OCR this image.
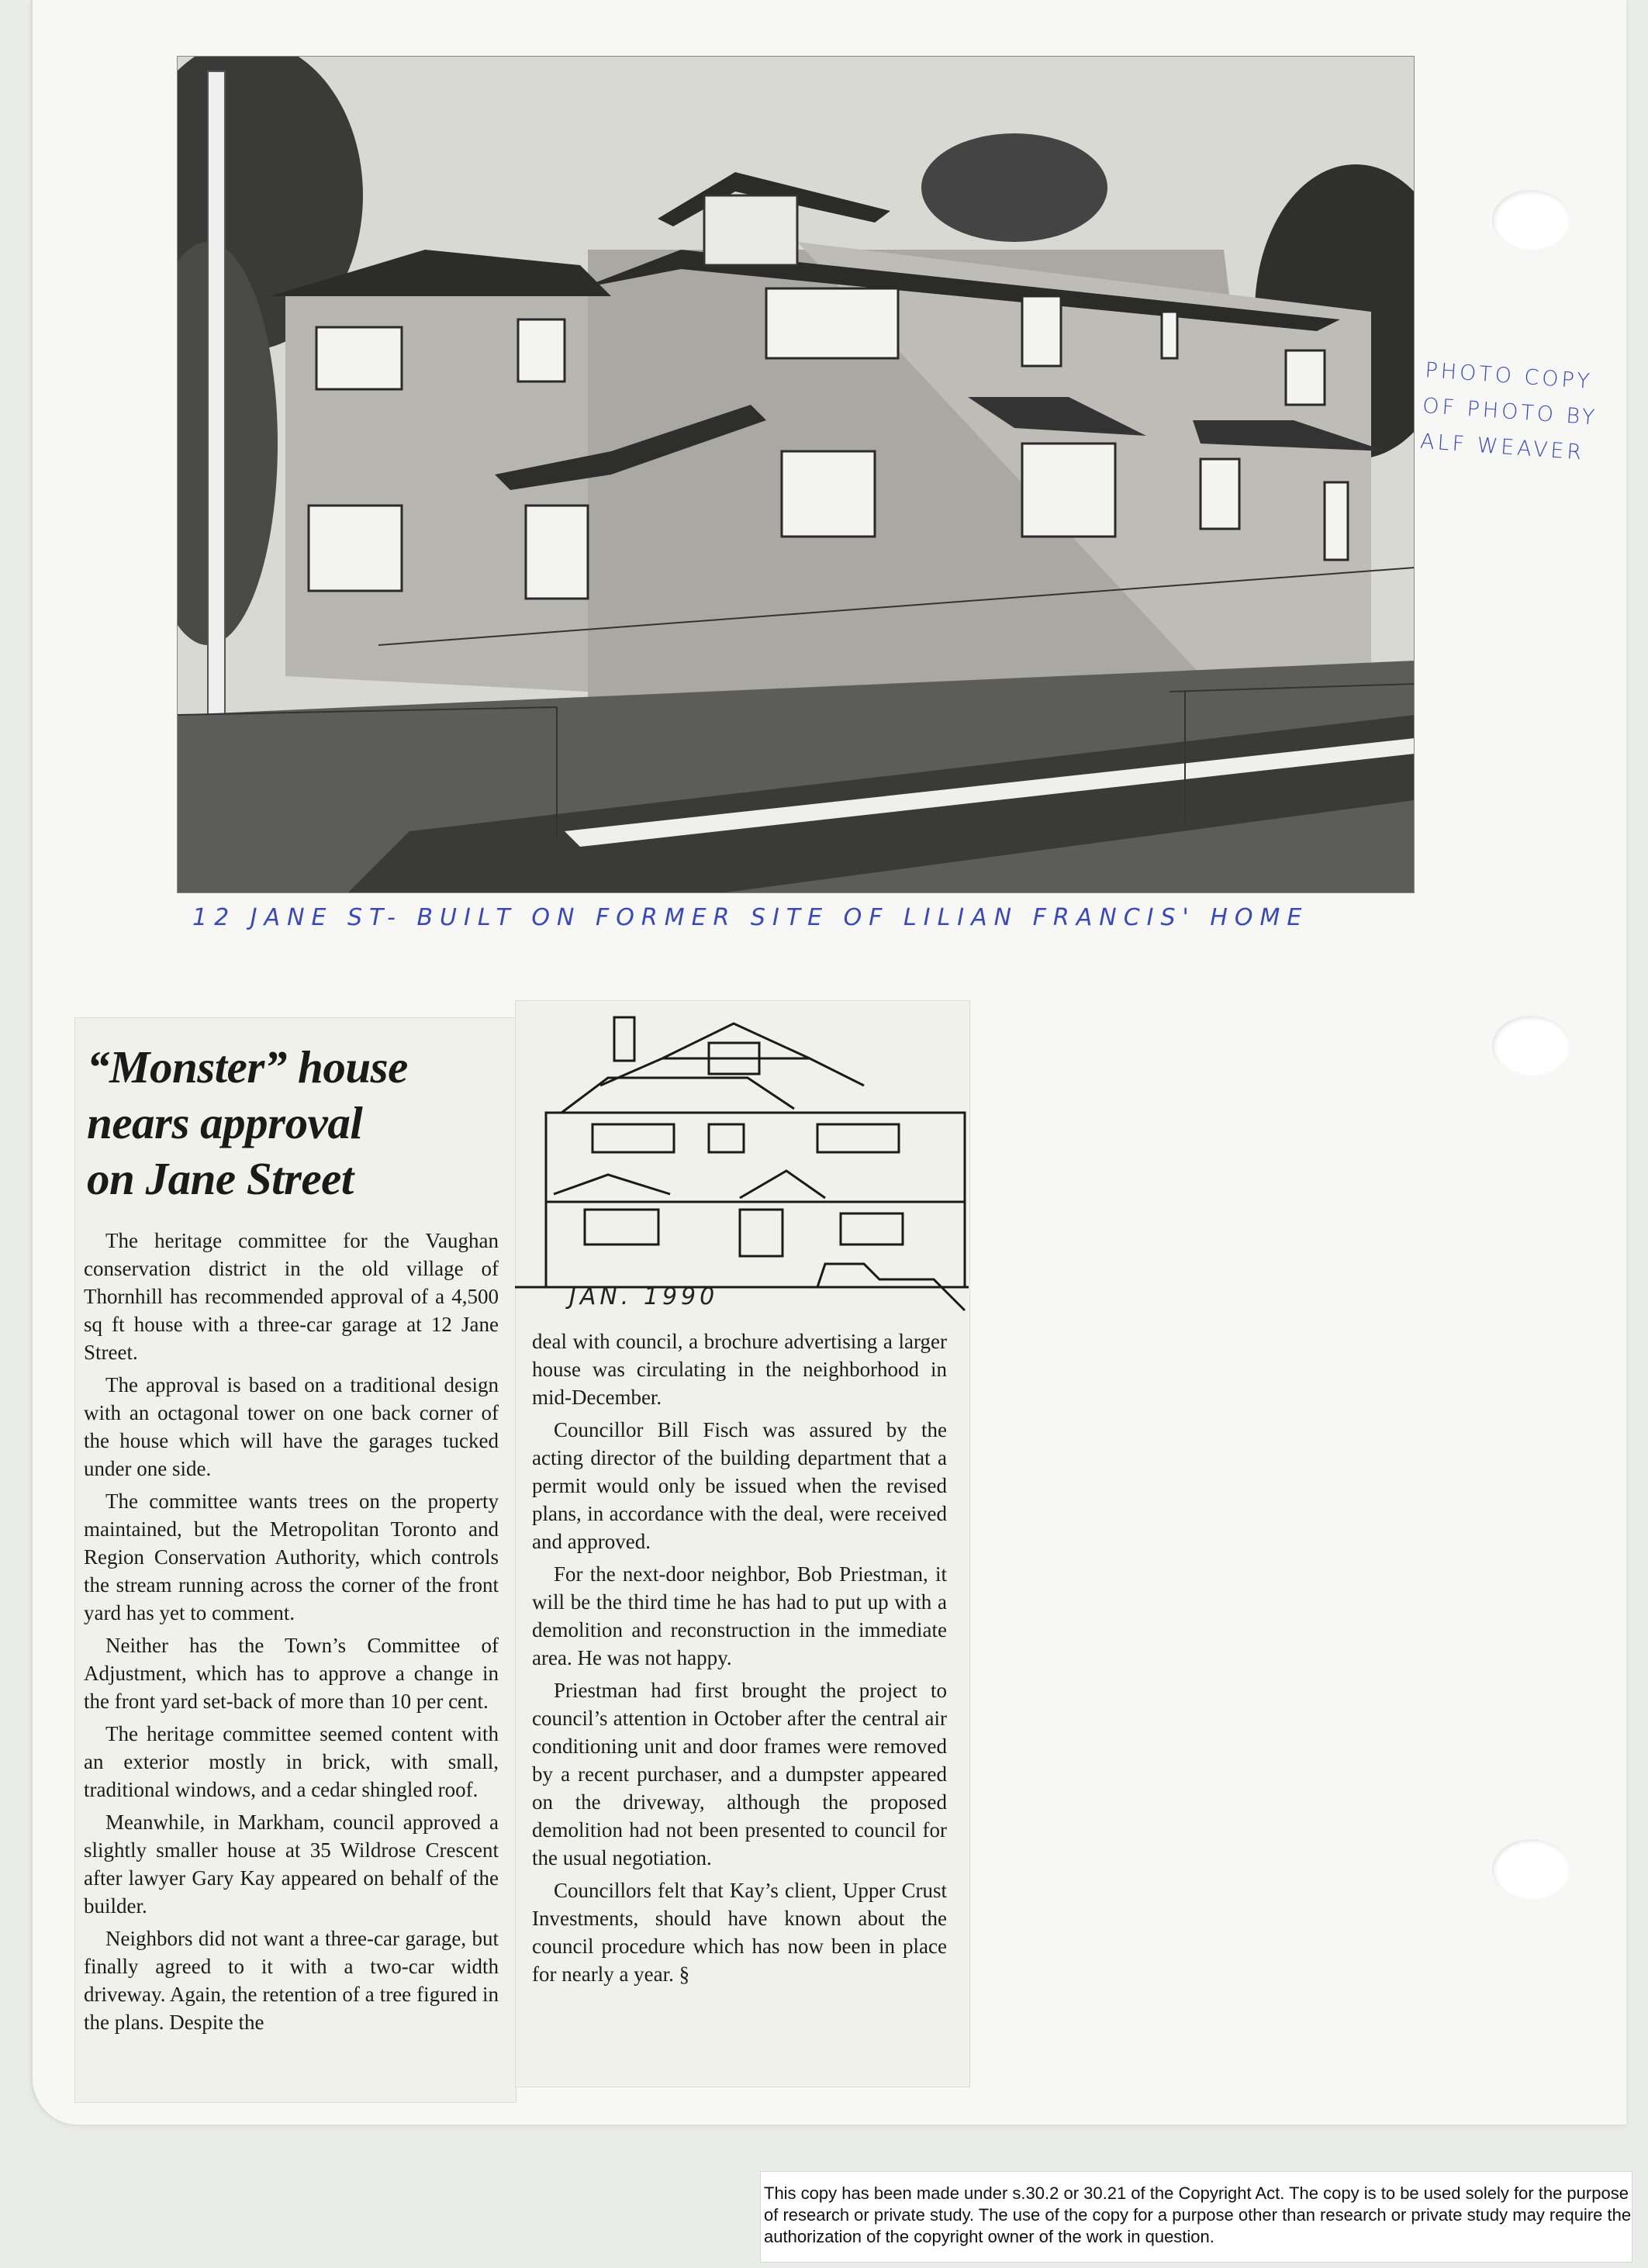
PHOTO COPY
OF PHOTO BY
ALF WEAVER
12 JANE ST- BUILT ON FORMER SITE OF LILIAN FRANCIS' HOME
“Monster” house
nears approval
on Jane Street
JAN. 1990

The heritage committee for the Vaughan conservation district in the old village of Thornhill has recommended approval of a 4,500 sq ft house with a three-car garage at 12 Jane Street.

The approval is based on a traditional design with an octagonal tower on one back corner of the house which will have the garages tucked under one side.

The committee wants trees on the property maintained, but the Metropolitan Toronto and Region Conservation Authority, which controls the stream running across the corner of the front yard has yet to comment.

Neither has the Town’s Committee of Adjustment, which has to approve a change in the front yard set-back of more than 10 per cent.

The heritage committee seemed content with an exterior mostly in brick, with small, traditional windows, and a cedar shingled roof.

Meanwhile, in Markham, council approved a slightly smaller house at 35 Wildrose Crescent after lawyer Gary Kay appeared on behalf of the builder.

Neighbors did not want a three-car garage, but finally agreed to it with a two-car width driveway. Again, the retention of a tree figured in the plans. Despite the

deal with council, a brochure advertising a larger house was circulating in the neighborhood in mid-December.

Councillor Bill Fisch was assured by the acting director of the building department that a permit would only be issued when the revised plans, in accordance with the deal, were received and approved.

For the next-door neighbor, Bob Priestman, it will be the third time he has had to put up with a demolition and reconstruction in the immediate area. He was not happy.

Priestman had first brought the project to council’s attention in October after the central air conditioning unit and door frames were removed by a recent purchaser, and a dumpster appeared on the driveway, although the proposed demolition had not been presented to council for the usual negotiation.

Councillors felt that Kay’s client, Upper Crust Investments, should have known about the council procedure which has now been in place for nearly a year. §

This copy has been made under s.30.2 or 30.21 of the Copyright Act. The copy is to be used solely for the purpose of research or private study. The use of the copy for a purpose other than research or private study may require the authorization of the copyright owner of the work in question.
